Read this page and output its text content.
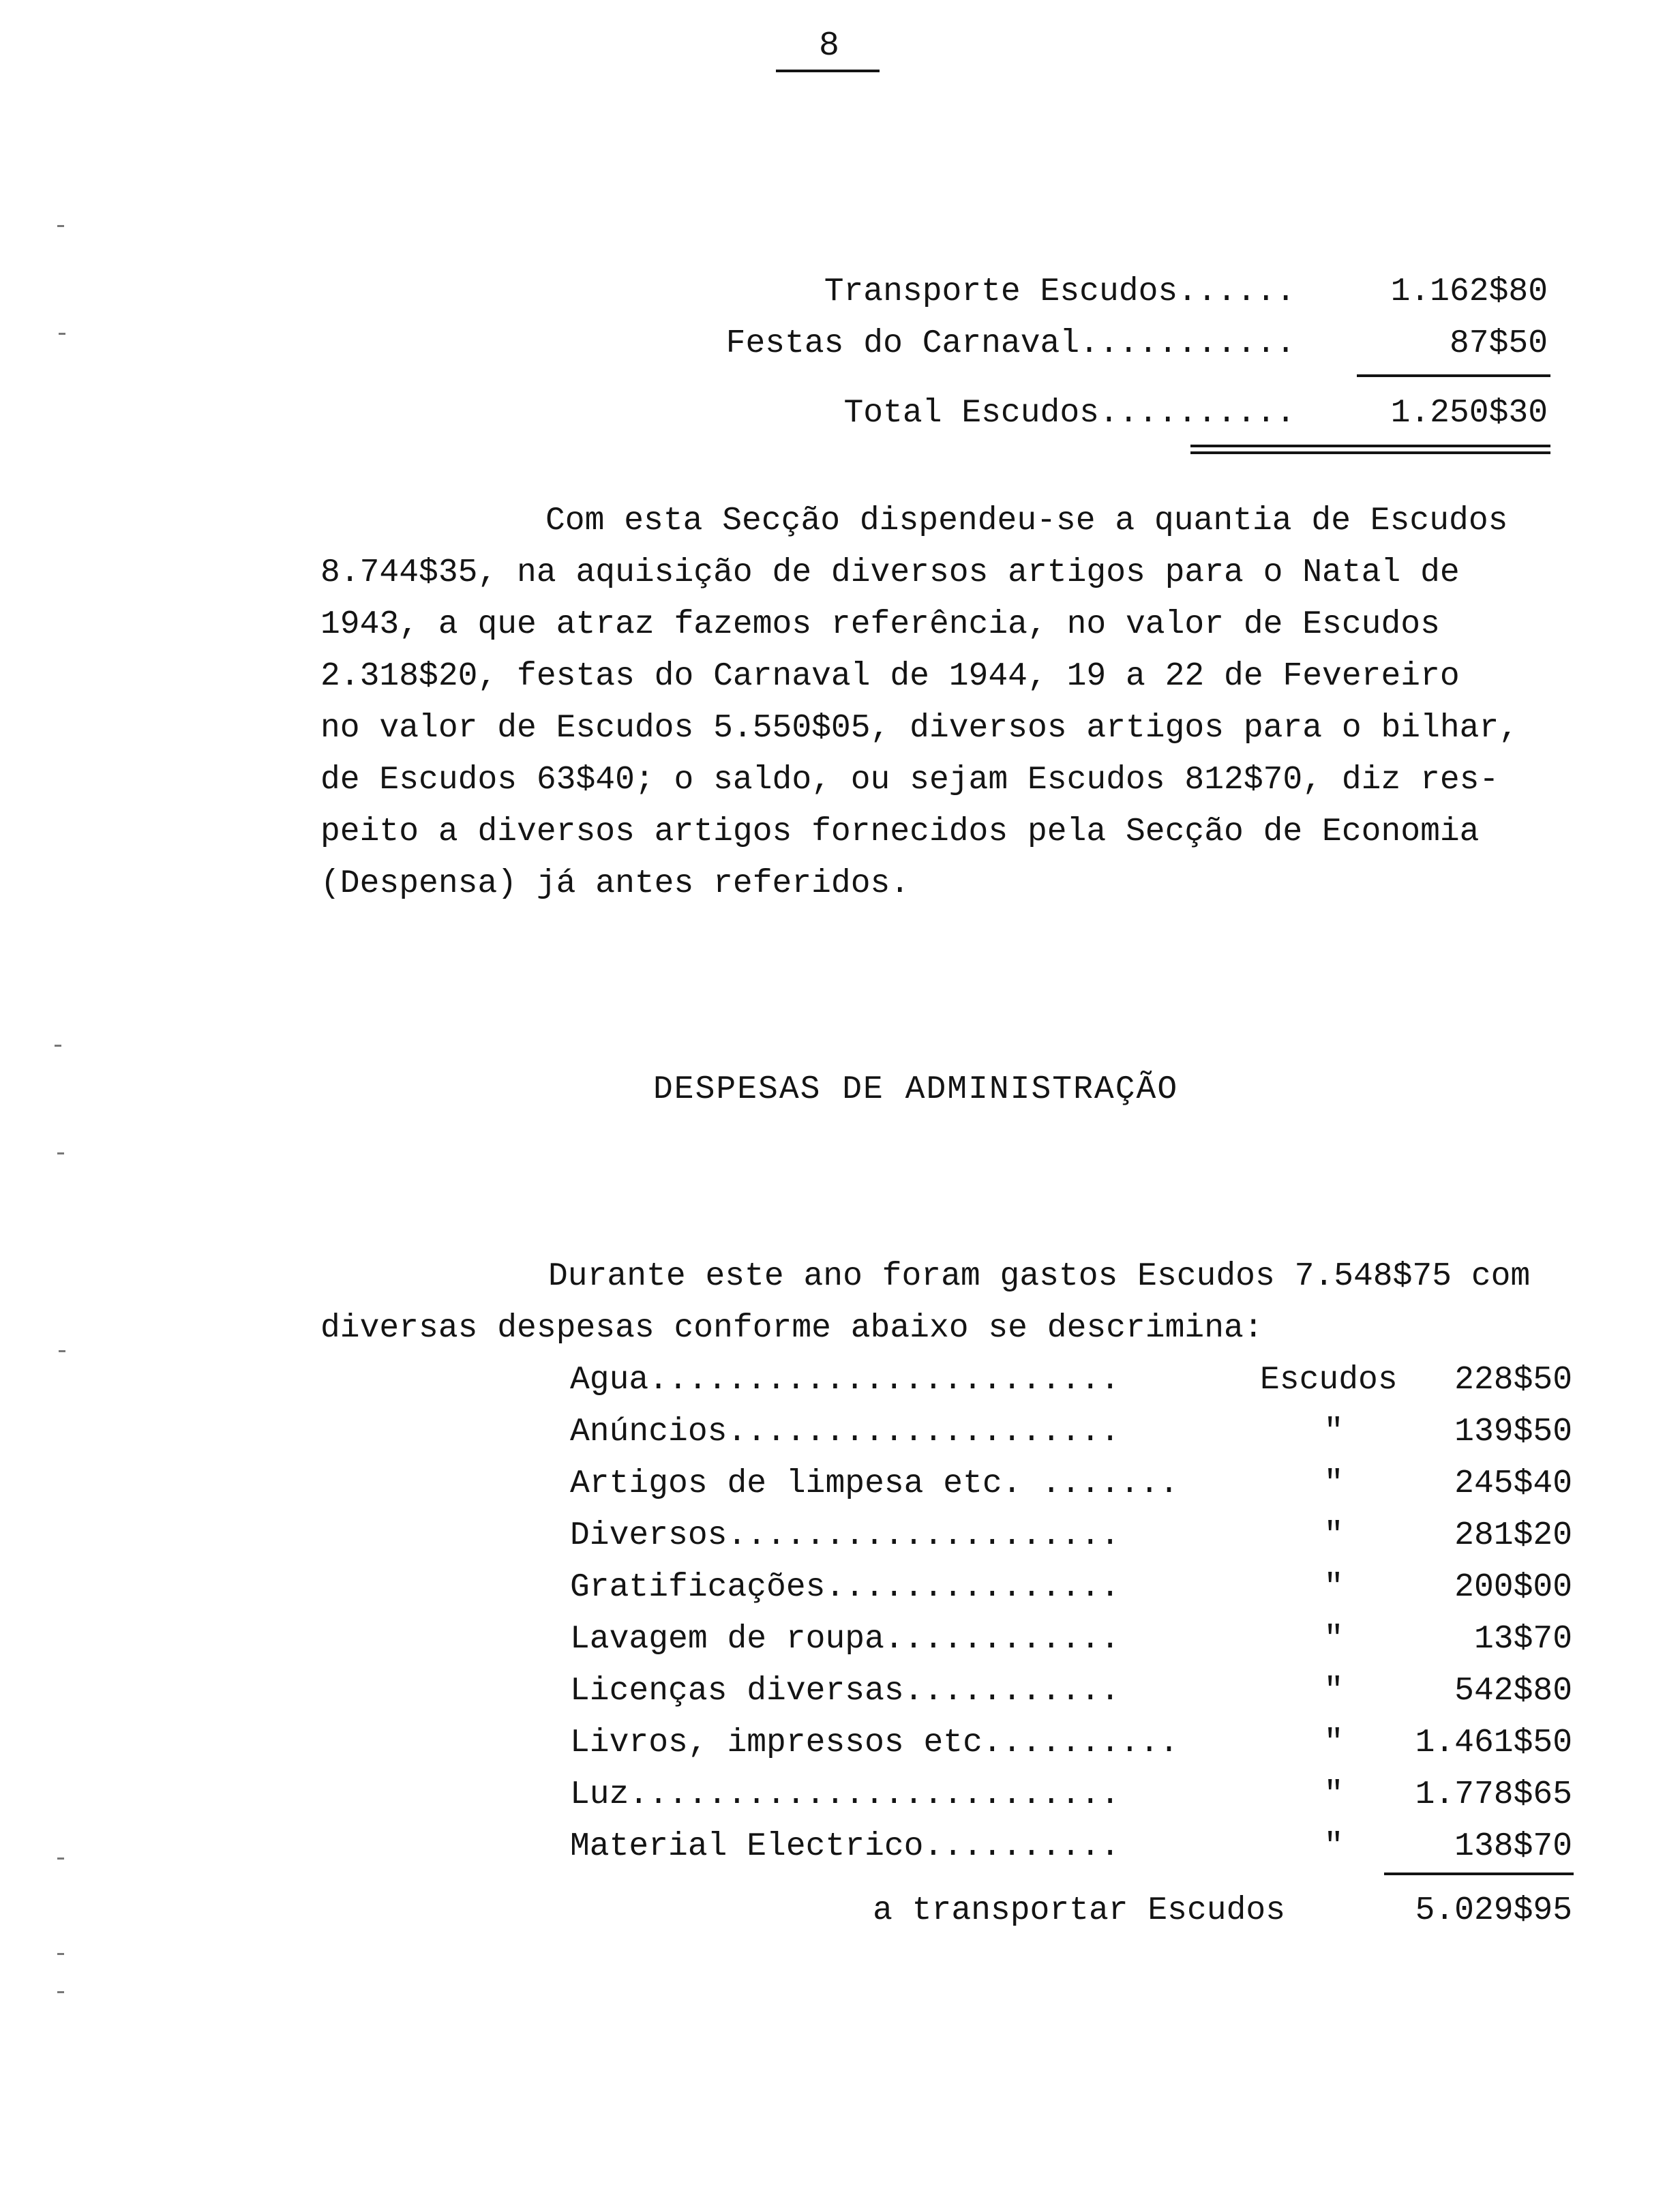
8
Transporte Escudos......	1.162$80
Festas do Carnaval...........	87$50
Total Escudos..........	1.250$30
Com esta Secção dispendeu-se a quantia de Escudos
8.744$35, na aquisição de diversos artigos para o Natal de
1943, a que atraz fazemos referência, no valor de Escudos
2.318$20, festas do Carnaval de 1944, 19 a 22 de Fevereiro
no valor de Escudos 5.550$05, diversos artigos para o bilhar,
de Escudos 63$40; o saldo, ou sejam Escudos 812$70, diz res-
peito a diversos artigos fornecidos pela Secção de Economia
(Despensa) já antes referidos.
DESPESAS DE ADMINISTRAÇÃO
Durante este ano foram gastos Escudos 7.548$75 com
diversas despesas conforme abaixo se descrimina:
Agua........................	Escudos	228$50
Anúncios....................	"	139$50
Artigos de limpesa etc. .......	"	245$40
Diversos....................	"	281$20
Gratificações...............	"	200$00
Lavagem de roupa............	"	13$70
Licenças diversas...........	"	542$80
Livros, impressos etc..........	"	1.461$50
Luz.........................	"	1.778$65
Material Electrico..........	"	138$70
a transportar Escudos	5.029$95
